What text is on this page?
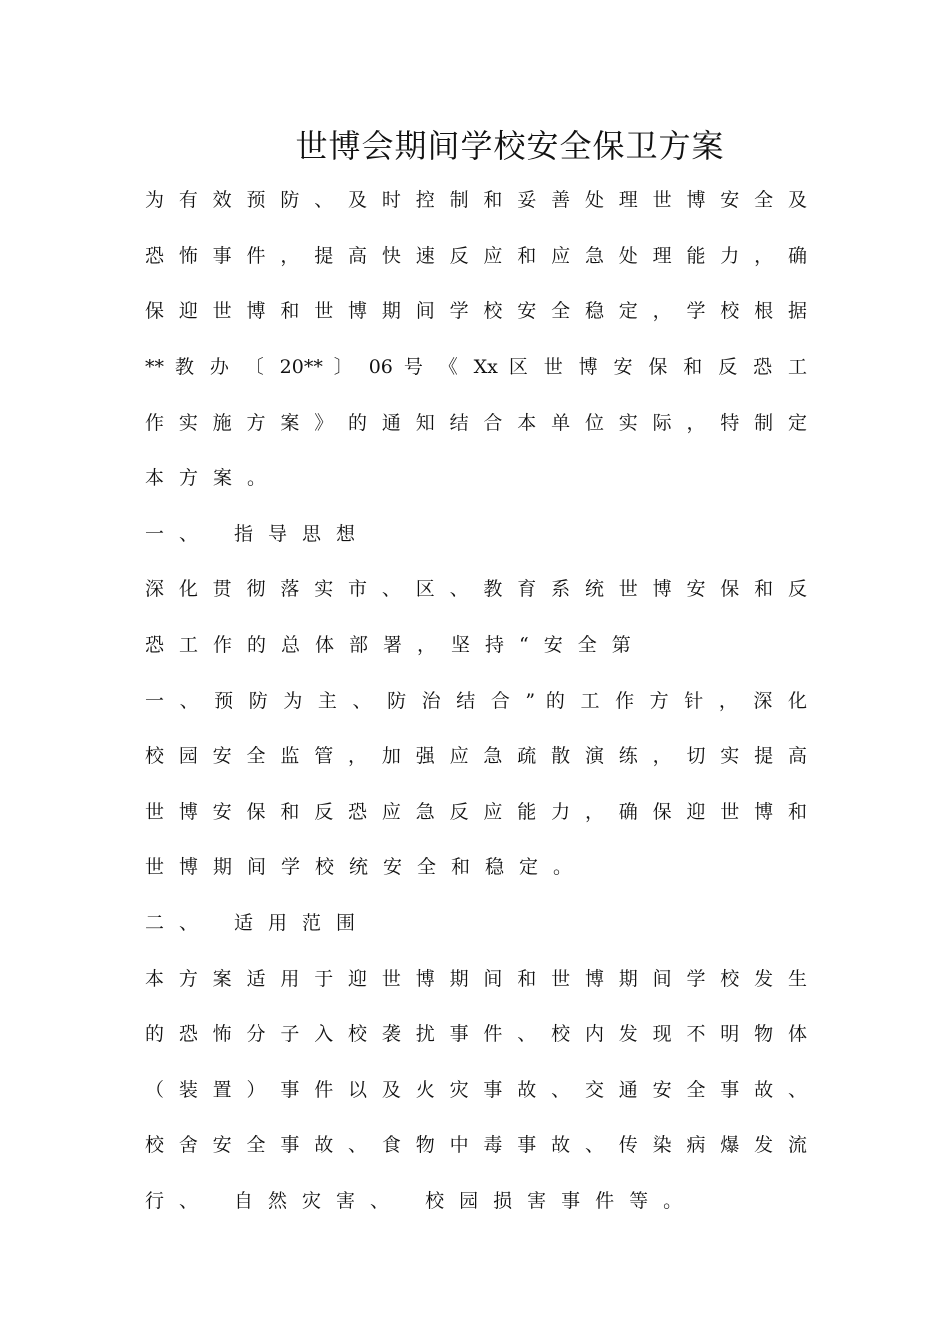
世博会期间学校安全保卫方案
为 有 效 预 防 、 及 时 控 制 和 妥 善 处 理 世 博 安 全 及
恐 怖 事 件 ， 提 高 快 速 反 应 和 应 急 处 理 能 力 ， 确
保 迎 世 博 和 世 博 期 间 学 校 安 全 稳 定 ， 学 校 根 据
** 教 办 〔 20** 〕 06 号 《 Xx 区 世 博 安 保 和 反 恐 工
作 实 施 方 案 》 的 通 知 结 合 本 单 位 实 际 ， 特 制 定
本方案。
一、 指导思想
深 化 贯 彻 落 实 市 、 区 、 教 育 系 统 世 博 安 保 和 反
恐工作的总体部署，坚持“安全第
一 、 预 防 为 主 、 防 治 结 合 ” 的 工 作 方 针 ， 深 化
校 园 安 全 监 管 ， 加 强 应 急 疏 散 演 练 ， 切 实 提 高
世 博 安 保 和 反 恐 应 急 反 应 能 力 ， 确 保 迎 世 博 和
世博期间学校统安全和稳定。
二、 适用范围
本 方 案 适 用 于 迎 世 博 期 间 和 世 博 期 间 学 校 发 生
的 恐 怖 分 子 入 校 袭 扰 事 件 、 校 内 发 现 不 明 物 体
（ 装 置 ） 事 件 以 及 火 灾 事 故 、 交 通 安 全 事 故 、
校 舍 安 全 事 故 、 食 物 中 毒 事 故 、 传 染 病 爆 发 流
行、 自然灾害、 校园损害事件等。
